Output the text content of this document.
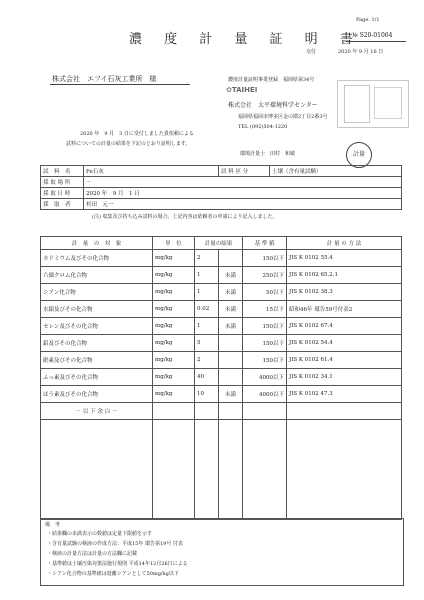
Page. 1/1
濃 度 計 量 証 明 書
№ S20-01064
交付	2020 年 9 月 16 日
株式会社　エフイ石灰工業所　様	濃度計量証明事業登録　福岡県第34号
✿TAIHEI
株式会社　太平環境科学センター
福岡県福岡市博多区金の隈2丁目2番3号
TEL (092)504-1220
環境計量士　田村　和敏	計量
2020 年　9 月　3 日に受付しました貴依頼による
試料についての計量の結果を下記のとおり証明します。
試　料　名	Fe石灰	試 料 区 分	土壌（含有量試験）
採 取 場 所	－		
採 取 日 時	2020 年　9 月　1 日		
採　取　者	杉田　元一		
(注) 収集及び持ち込み試料の場合、上記内容は依頼者の申請により記入しました。
計　量　の　対　象	単　位	計量の結果		基 準 値	計 量 の 方 法
カドミウム及びその化合物	mg/kg	2		150以下	JIS K 0102 55.4
六価クロム化合物	mg/kg	1	未満	250以下	JIS K 0102 65.2.1
シアン化合物	mg/kg	1	未満	50以下	JIS K 0102 38.3
水銀及びその化合物	mg/kg	0.02	未満	15以下	昭和46年 環告59号付表2
セレン及びその化合物	mg/kg	1	未満	150以下	JIS K 0102 67.4
鉛及びその化合物	mg/kg	5		150以下	JIS K 0102 54.4
砒素及びその化合物	mg/kg	2		150以下	JIS K 0102 61.4
ふっ素及びその化合物	mg/kg	40		4000以下	JIS K 0102 34.1
ほう素及びその化合物	mg/kg	10	未満	4000以下	JIS K 0102 47.3
－ 以 下 余 白 －					

備　考
・結果欄の未満表示の数値は定量下限値を示す
・含有量試験の検液の作成方法：平成15年 環告第19号 付表
・検液の計量方法は計量の方法欄に記載
・基準値は土壌汚染対策法施行規則 平成14年12月26日による
・シアン化合物の基準値は遊離シアンとして50mg/kg以下
